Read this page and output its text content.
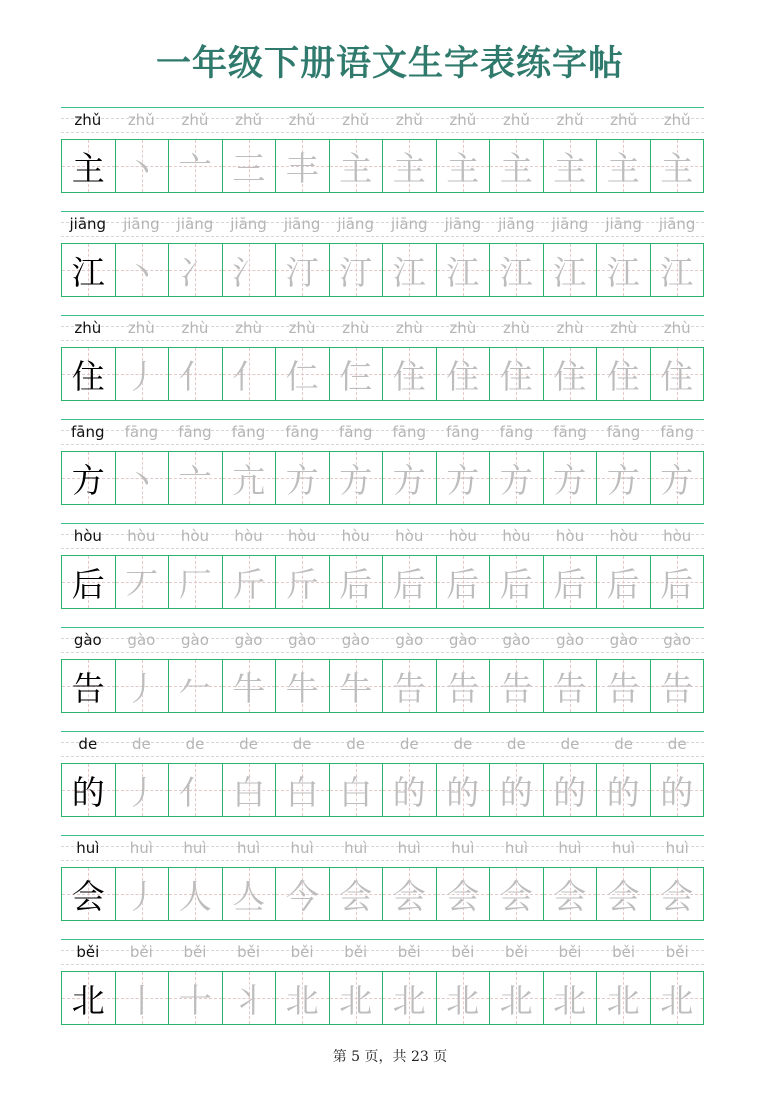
一年级下册语文生字表练字帖
zhǔ	zhǔ	zhǔ	zhǔ	zhǔ	zhǔ	zhǔ	zhǔ	zhǔ	zhǔ	zhǔ	zhǔ
主 丶 亠 三 丰 主 主 主 主 主 主 主
jiāng	jiāng	jiāng	jiāng	jiāng	jiāng	jiāng	jiāng	jiāng	jiāng	jiāng	jiāng
江 丶 冫 氵 汀 汀 江 江 江 江 江 江
zhù	zhù	zhù	zhù	zhù	zhù	zhù	zhù	zhù	zhù	zhù	zhù
住 丿 亻 亻 仁 仨 住 住 住 住 住 住
fāng	fāng	fāng	fāng	fāng	fāng	fāng	fāng	fāng	fāng	fāng	fāng
方 丶 亠 亢 方 方 方 方 方 方 方 方
hòu	hòu	hòu	hòu	hòu	hòu	hòu	hòu	hòu	hòu	hòu	hòu
后 丆 厂 斤 斤 后 后 后 后 后 后 后
gào	gào	gào	gào	gào	gào	gào	gào	gào	gào	gào	gào
告 丿 𠂉 牛 牛 牛 告 告 告 告 告 告
de	de	de	de	de	de	de	de	de	de	de	de
的 丿 亻 白 白 白 的 的 的 的 的 的
huì	huì	huì	huì	huì	huì	huì	huì	huì	huì	huì	huì
会 丿 人 亼 今 会 会 会 会 会 会 会
běi	běi	běi	běi	běi	běi	běi	běi	běi	běi	běi	běi
北 丨 十 丬 北 北 北 北 北 北 北 北
第 5 页，共 23 页
